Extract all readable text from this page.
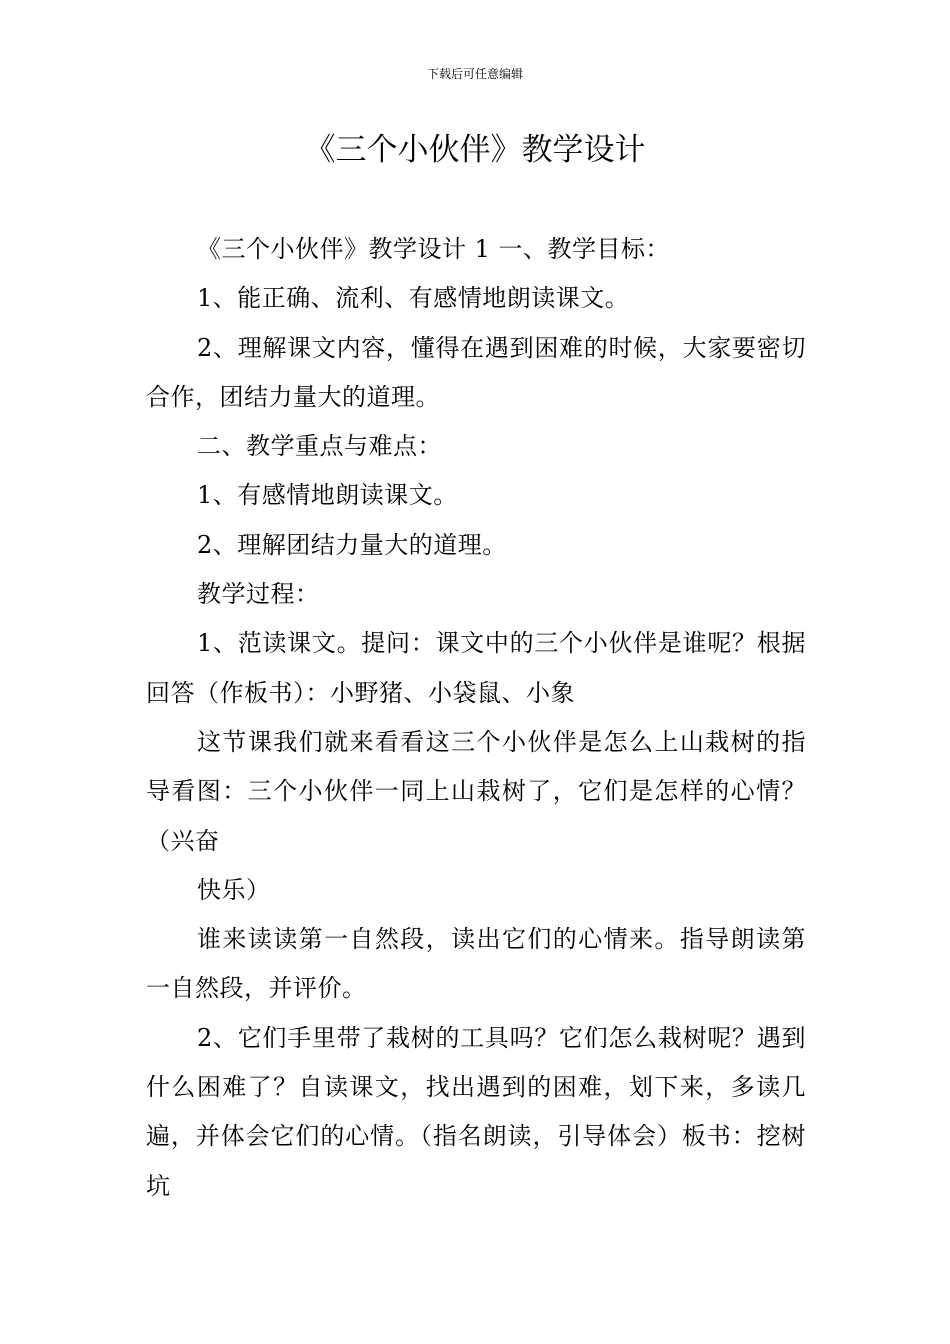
下载后可任意编辑
《三个小伙伴》教学设计

《三个小伙伴》教学设计 1 一、教学目标：

1、能正确、流利、有感情地朗读课文。

2、理解课文内容，懂得在遇到困难的时候，大家要密切合作，团结力量大的道理。

二、教学重点与难点：

1、有感情地朗读课文。

2、理解团结力量大的道理。

教学过程：

1、范读课文。提问：课文中的三个小伙伴是谁呢？根据回答（作板书）：小野猪、小袋鼠、小象

这节课我们就来看看这三个小伙伴是怎么上山栽树的指导看图：三个小伙伴一同上山栽树了，它们是怎样的心情？（兴奋

快乐）

谁来读读第一自然段，读出它们的心情来。指导朗读第一自然段，并评价。

2、它们手里带了栽树的工具吗？它们怎么栽树呢？遇到什么困难了？自读课文，找出遇到的困难，划下来，多读几遍，并体会它们的心情。（指名朗读，引导体会）板书：挖树坑
